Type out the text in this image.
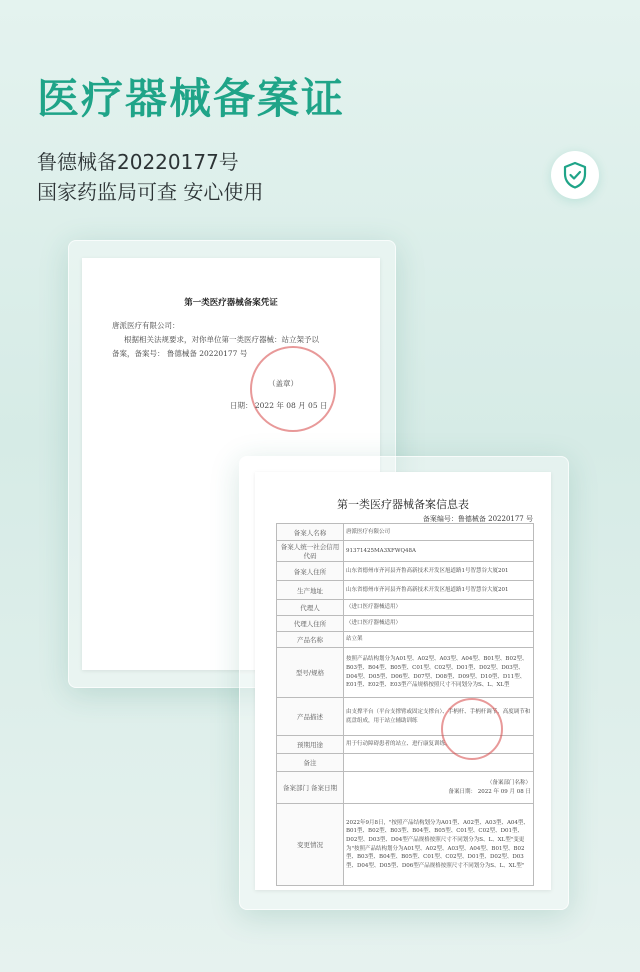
医疗器械备案证
鲁德械备20220177号
国家药监局可查 安心使用
第一类医疗器械备案凭证
唐派医疗有限公司：
根据相关法规要求，对你单位第一类医疗器械：站立架予以
备案，备案号： 鲁德械备 20220177 号
（盖章）
日期： 2022 年 08 月 05 日
第一类医疗器械备案信息表
备案编号：鲁德械备 20220177 号
备案人名称	唐派医疗有限公司
备案人统一社会信用代码	91371425MA3XFWQ48A
备案人住所	山东省德州市齐河县齐鲁高新技术开发区旭道路1号智慧谷大厦201
生产地址	山东省德州市齐河县齐鲁高新技术开发区旭道路1号智慧谷大厦201
代理人	（进口医疗器械适用）
代理人住所	（进口医疗器械适用）
产品名称	站立架
型号/规格	按照产品结构划分为A01型、A02型、A03型、A04型、B01型、B02型、B03型、B04型、B05型、C01型、C02型、D01型、D02型、D03型、D04型、D05型、D06型、D07型、D08型、D09型、D10型、D11型、E01型、E02型、E03型产品规格按照尺寸不同划分为S、L、XL型
产品描述	由支撑平台（平台支撑臂或固定支撑台）、手柄杆、手柄杆调节、高度调节和底盘组成，用于站立辅助训练
预期用途	用于行动障碍患者的站立、进行康复训练。
备注	
备案部门 备案日期	（备案部门名称）
备案日期： 2022 年 09 月 08 日

变更情况	2022年9月8日，"按照产品结构划分为A01型、A02型、A03型、A04型、B01型、B02型、B03型、B04型、B05型、C01型、C02型、D01型、D02型、D03型、D04型产品规格按照尺寸不同划分为S、L、XL型"变更为"按照产品结构划分为A01型、A02型、A03型、A04型、B01型、B02型、B03型、B04型、B05型、C01型、C02型、D01型、D02型、D03型、D04型、D05型、D06型产品规格按照尺寸不同划分为S、L、XL型"
